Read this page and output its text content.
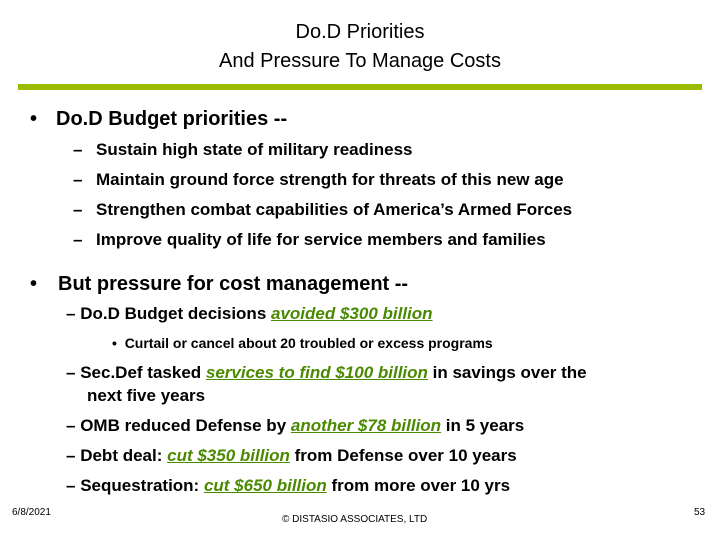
Do.D Priorities
And Pressure To Manage Costs
• Do.D Budget priorities --
– Sustain high state of military readiness
– Maintain ground force strength for threats of this new age
– Strengthen combat capabilities of America’s Armed Forces
– Improve quality of life for service members and families
• But pressure for cost management --
– Do.D Budget decisions avoided $300 billion
• Curtail or cancel about 20 troubled or excess programs
– Sec.Def tasked services to find $100 billion in savings over the
next five years
– OMB reduced Defense by another $78 billion in 5 years
– Debt deal: cut $350 billion from Defense over 10 years
– Sequestration: cut $650 billion from more over 10 yrs
6/8/2021
© DISTASIO ASSOCIATES, LTD
53
